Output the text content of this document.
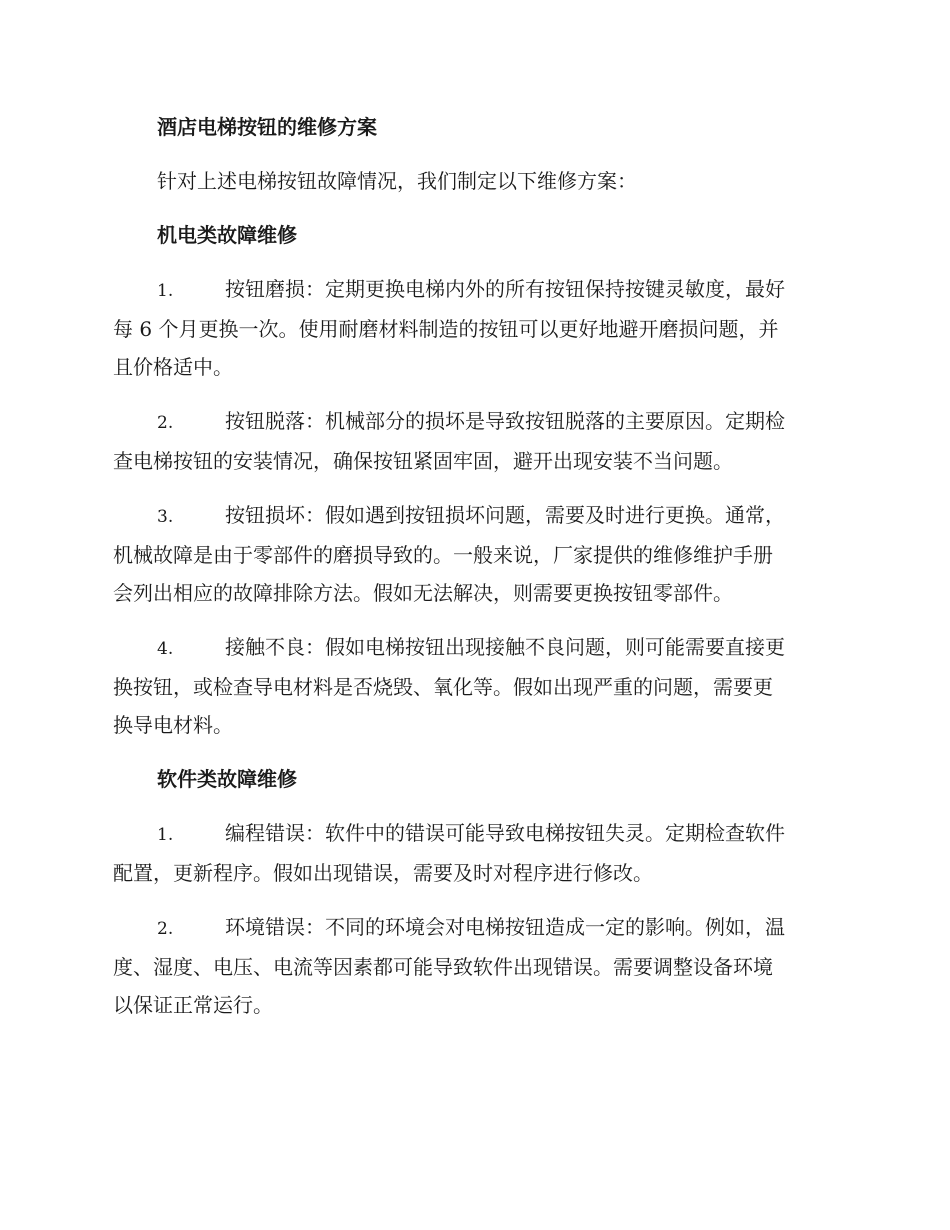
酒店电梯按钮的维修方案
针对上述电梯按钮故障情况，我们制定以下维修方案：
机电类故障维修
1.	按钮磨损：定期更换电梯内外的所有按钮保持按键灵敏度，最好
每 6 个月更换一次。使用耐磨材料制造的按钮可以更好地避开磨损问题，并
且价格适中。
2.	按钮脱落：机械部分的损坏是导致按钮脱落的主要原因。定期检
查电梯按钮的安装情况，确保按钮紧固牢固，避开出现安装不当问题。
3.	按钮损坏：假如遇到按钮损坏问题，需要及时进行更换。通常，
机械故障是由于零部件的磨损导致的。一般来说，厂家提供的维修维护手册
会列出相应的故障排除方法。假如无法解决，则需要更换按钮零部件。
4.	接触不良：假如电梯按钮出现接触不良问题，则可能需要直接更
换按钮，或检查导电材料是否烧毁、氧化等。假如出现严重的问题，需要更
换导电材料。
软件类故障维修
1.	编程错误：软件中的错误可能导致电梯按钮失灵。定期检查软件
配置，更新程序。假如出现错误，需要及时对程序进行修改。
2.	环境错误：不同的环境会对电梯按钮造成一定的影响。例如，温
度、湿度、电压、电流等因素都可能导致软件出现错误。需要调整设备环境
以保证正常运行。
